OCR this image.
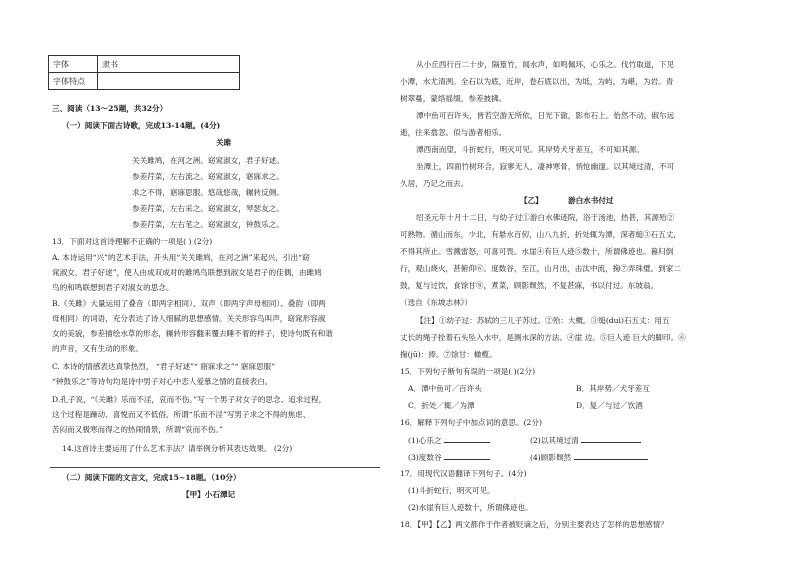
字体	隶书
字体特点	
三、阅读（13～25题，共32分）
（一）阅读下面古诗歌，完成13-14题。(4分)
关雎
关关雎鸠，在河之洲。窈窕淑女，君子好逑。
参差荇菜，左右流之。窈窕淑女，寤寐求之。
求之不得，寤寐思服。悠哉悠哉，辗转反侧。
参差荇菜，左右采之。窈窕淑女，琴瑟友之。
参差荇菜，左右芼之。窈窕淑女，钟鼓乐之。
13．下面对这首诗理解不正确的一项是( ) (2分)
A. 本诗运用“兴”的艺术手法，开头用“关关雎鸠，在河之洲”来起兴，引出“窈
窕淑女，君子好逑”，使人由成双成对的雎鸠鸟联想到淑女是君子的佳偶，由雎鸠
鸟的和鸣联想到君子对淑女的思念。
B.《关雎》大量运用了叠音（即两字相同）、双声（即两字声母相同）、叠韵（即两
母相同）的词语，充分表达了诗人细腻的思想感情。关关形容鸟叫声，窈窕形容淑
女的美貌，参差描绘水草的形态，辗转形容翻来覆去睡不着的样子，使诗句既有和谐
的声音，又有生动的形象。
C. 本诗的情感表达真挚热烈， “君子好逑”“ 寤寐求之”“ 寤寐思服”
“钟鼓乐之”等诗句均是诗中男子对心中恋人爱慕之情的直接表白。
D.孔子说，“《关雎》乐而不淫，哀而不伤。”写一个男子对女子的思念、追求过程，
这个过程是躁动、喜悦而又不低俗，所谓“乐而不淫”写男子求之不得的焦虑、
苦闷而又极寒而得之的热闹情景，所谓“哀而不伤。”
14.这首诗主要运用了什么艺术手法？请举例分析其表达效果。 (2分)
（二）阅读下面的文言文，完成15~18题。（10分）
【甲】小石潭记
从小丘西行百二十步，隔篁竹，闻水声，如鸣佩环，心乐之。伐竹取道，下见
小潭，水尤清冽。全石以为底，近岸，卷石底以出，为坻，为屿，为嵁，为岩。青
树翠蔓，蒙络摇缀，参差披拂。
潭中鱼可百许头，皆若空游无所依，日光下澈，影布石上。佁然不动，俶尔远
逝，往来翕忽。似与游者相乐。
潭西南而望，斗折蛇行，明灭可见。其岸势犬牙差互，不可知其源。
坐潭上，四面竹树环合，寂寥无人，凄神寒骨，悄怆幽邃。以其境过清，不可
久居，乃记之而去。
【乙】	游白水书付过
绍圣元年十月十二日，与幼子过①游白水佛迹院，浴于汤池，热甚，其源殆②
可熟物。循山而东，少北，有悬水百仞，山八九折，折处辄为潭，深者缒③石五丈，
不得其所止。雪溅雷怒，可喜可畏。水崖④有巨人迹⑤数十，所谓佛迹也。暮归倒
行，观山烧火，甚俯仰⑥。度数谷，至江，山月出，击汰中流，掬⑦弄珠璧。到家二
鼓，复与过饮，食馀甘⑧，煮菜，顾影颓然，不复甚寐，书以付过。东坡翁。
（选自《东坡志林》）
【注】①幼子过：苏轼的三儿子苏过。②殆：大概。③缒(duì)石五丈：用五
丈长的绳子拴着石头坠入水中，是测水深的方法。④崖 边。⑤巨人迹 巨大的脚印。⑥
掬(jū)：捧。⑦馀甘：橄榄。
15．下列句子断句有误的一项是( )(2分)
A．潭中鱼可／百许头	B．其岸势／犬牙差互
C．折处／辄／为潭	D．复／与过／饮酒
16．解释下列句子中加点词的意思。(2分)
(1)心乐之	(2)以其境过清
(3)度数谷	(4)顾影颓然
17．用现代汉语翻译下列句子。(4分)
(1)斗折蛇行，明灭可见。
(2)水崖有巨人迹数十，所谓佛迹也。
18．【甲】【乙】两文都作于作者被贬谪之后，分别主要表达了怎样的思想感情？
